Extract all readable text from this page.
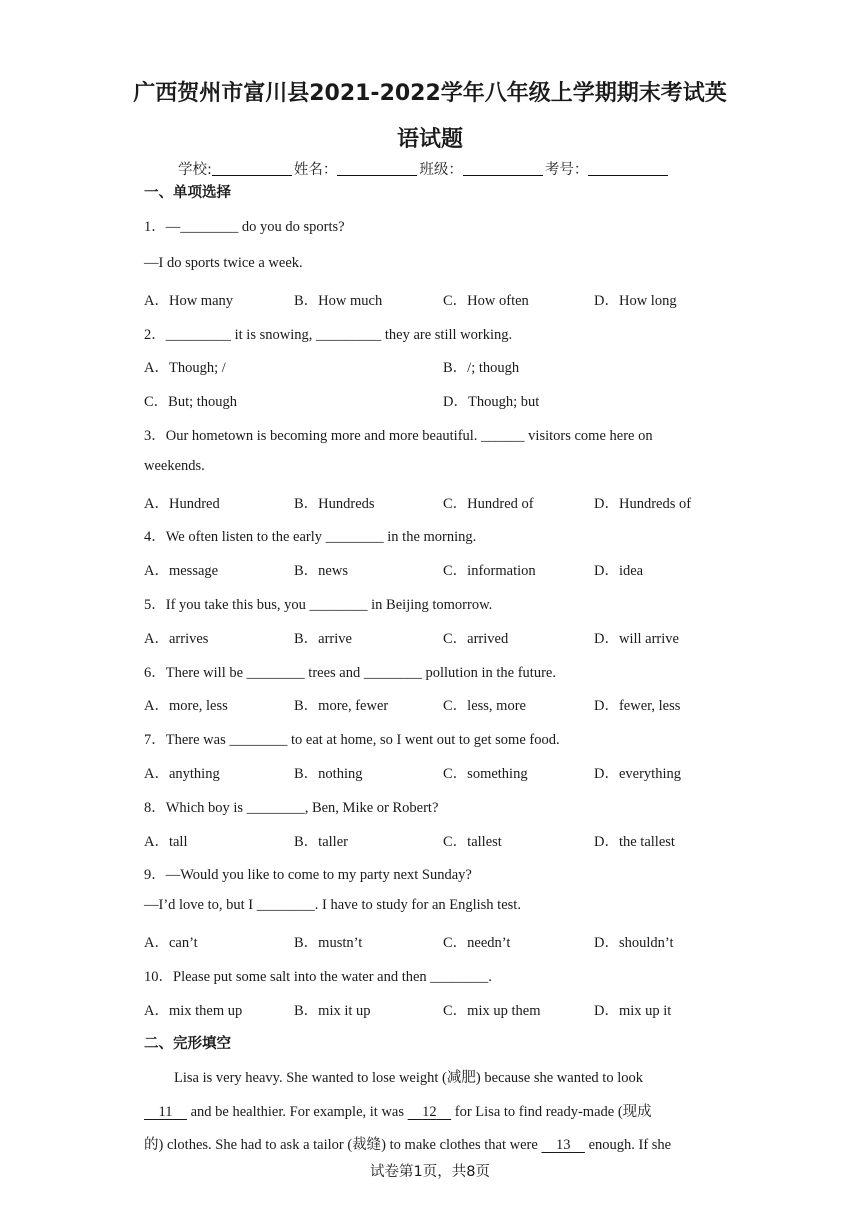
广西贺州市富川县2021-2022学年八年级上学期期末考试英
语试题
学校:	姓名：	班级：	考号：
一、单项选择
1．—________ do you do sports?
—I do sports twice a week.
A．How many	B．How much	C．How often	D．How long
2．_________ it is snowing, _________ they are still working.
A．Though; /	B．/; though
C．But; though	D．Though; but
3．Our hometown is becoming more and more beautiful. ______ visitors come here on
weekends.
A．Hundred	B．Hundreds	C．Hundred of	D．Hundreds of
4．We often listen to the early ________ in the morning.
A．message	B．news	C．information	D．idea
5．If you take this bus, you ________ in Beijing tomorrow.
A．arrives	B．arrive	C．arrived	D．will arrive
6．There will be ________ trees and ________ pollution in the future.
A．more, less	B．more, fewer	C．less, more	D．fewer, less
7．There was ________ to eat at home, so I went out to get some food.
A．anything	B．nothing	C．something	D．everything
8．Which boy is ________, Ben, Mike or Robert?
A．tall	B．taller	C．tallest	D．the tallest
9．—Would you like to come to my party next Sunday?
—I’d love to, but I ________. I have to study for an English test.
A．can’t	B．mustn’t	C．needn’t	D．shouldn’t
10．Please put some salt into the water and then ________.
A．mix them up	B．mix it up	C．mix up them	D．mix up it
二、完形填空
Lisa is very heavy. She wanted to lose weight (减肥) because she wanted to look
11     and be healthier. For example, it was     12     for Lisa to find ready-made (现成
的) clothes. She had to ask a tailor (裁缝) to make clothes that were     13     enough. If she
试卷第1页，共8页
